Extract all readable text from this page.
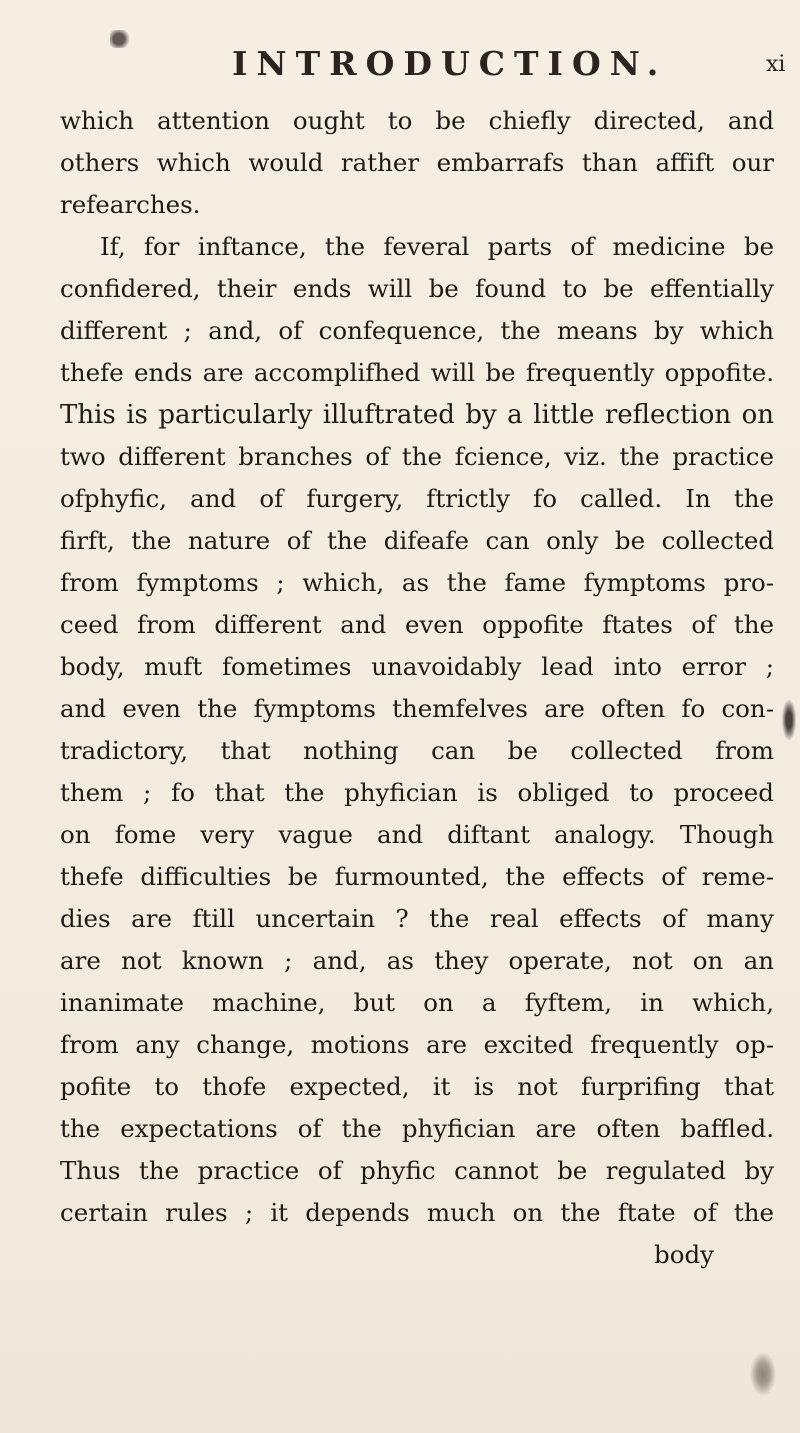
INTRODUCTION.	xi
which attention ought to be chiefly directed, and
others which would rather embarrafs than affift our
refearches.
If, for inftance, the feveral parts of medicine be
confidered, their ends will be found to be effentially
different ; and, of confequence, the means by which
thefe ends are accomplifhed will be frequently oppofite.
This is particularly illuftrated by a little reflection on
two different branches of the fcience, viz. the practice
ofphyfic, and of furgery, ftrictly fo called. In the
firft, the nature of the difeafe can only be collected
from fymptoms ; which, as the fame fymptoms pro-
ceed from different and even oppofite ftates of the
body, muft fometimes unavoidably lead into error ;
and even the fymptoms themfelves are often fo con-
tradictory, that nothing can be collected from
them ; fo that the phyfician is obliged to proceed
on fome very vague and diftant analogy. Though
thefe difficulties be furmounted, the effects of reme-
dies are ftill uncertain ? the real effects of many
are not known ; and, as they operate, not on an
inanimate machine, but on a fyftem, in which,
from any change, motions are excited frequently op-
pofite to thofe expected, it is not furprifing that
the expectations of the phyfician are often baffled.
Thus the practice of phyfic cannot be regulated by
certain rules ; it depends much on the ftate of the
body
